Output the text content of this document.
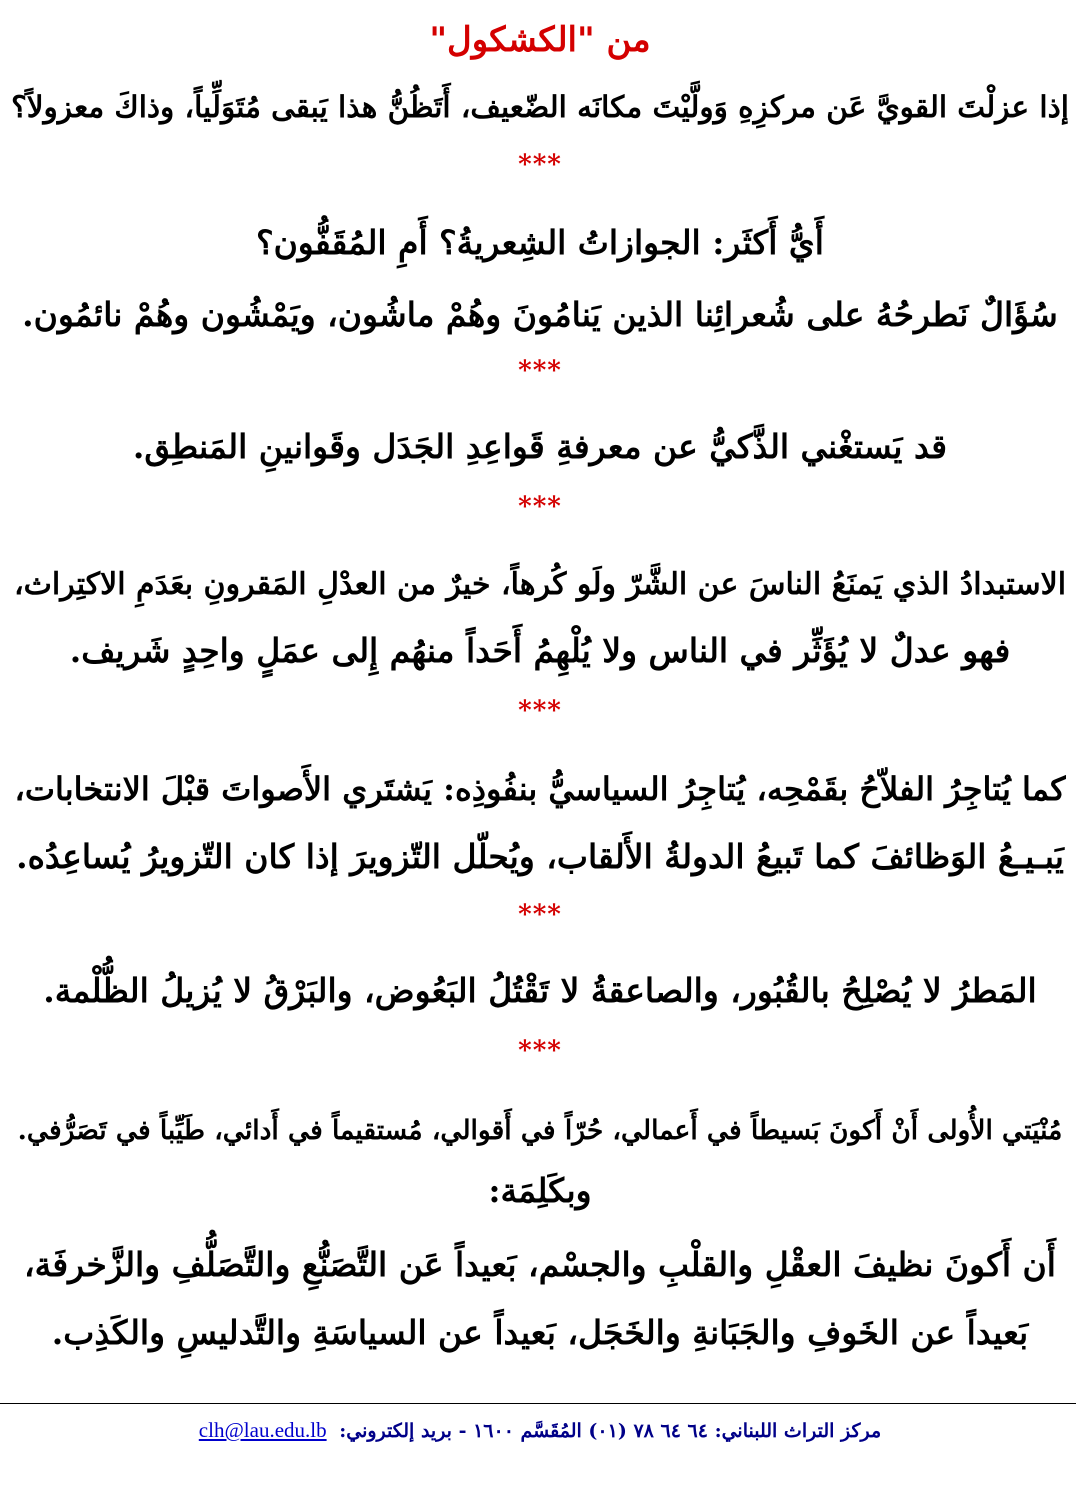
من "الكشكول"
إذا عزلْتَ القويَّ عَن مركزِهِ وَولَّيْتَ مكانَه الضّعيف، أَتَظُنُّ هذا يَبقى مُتَوَلِّياً، وذاكَ معزولاً؟
***
أَيُّ أَكثَر: الجوازاتُ الشِعريةُ؟ أَمِ المُقَفُّون؟
سُؤَالٌ نَطرحُهُ على شُعرائِنا الذين يَنامُونَ وهُمْ ماشُون، ويَمْشُون وهُمْ نائمُون.
***
قد يَستغْني الذَّكيُّ عن معرفةِ قَواعِدِ الجَدَل وقَوانينِ المَنطِق.
***
الاستبدادُ الذي يَمنَعُ الناسَ عن الشَّرّ ولَو كُرهاً، خيرٌ من العدْلِ المَقرونِ بعَدَمِ الاكتِراث،
فهو عدلٌ لا يُؤَثِّر في الناس ولا يُلْهِمُ أَحَداً منهُم إِلى عمَلٍ واحِدٍ شَريف.
***
كما يُتاجِرُ الفلاّحُ بقَمْحِه، يُتاجِرُ السياسيُّ بنفُوذِه: يَشتَري الأَصواتَ قبْلَ الانتخابات،
يَبـيـعُ الوَظائفَ كما تَبيعُ الدولةُ الأَلقاب، ويُحلّل التّزويرَ إذا كان التّزويرُ يُساعِدُه.
***
المَطرُ لا يُصْلِحُ بالقُبُور، والصاعقةُ لا تَقْتُلُ البَعُوض، والبَرْقُ لا يُزيلُ الظُّلْمة.
***
مُنْيَتي الأُولى أَنْ أَكونَ بَسيطاً في أَعمالي، حُرّاً في أَقوالي، مُستقيماً في أَدائي، طَيِّباً في تَصَرُّفي.
وبكَلِمَة:
أَن أَكونَ نظيفَ العقْلِ والقلْبِ والجسْم، بَعيداً عَن التَّصَنُّعِ والتَّصَلُّفِ والزَّخرفَة،
بَعيداً عن الخَوفِ والجَبَانةِ والخَجَل، بَعيداً عن السياسَةِ والتَّدليسِ والكَذِب.
مركز التراث اللبناني: ٦٤ ٦٤ ٧٨ (٠١) المُقَسَّم ١٦٠٠ - بريد إلكتروني: clh@lau.edu.lb
